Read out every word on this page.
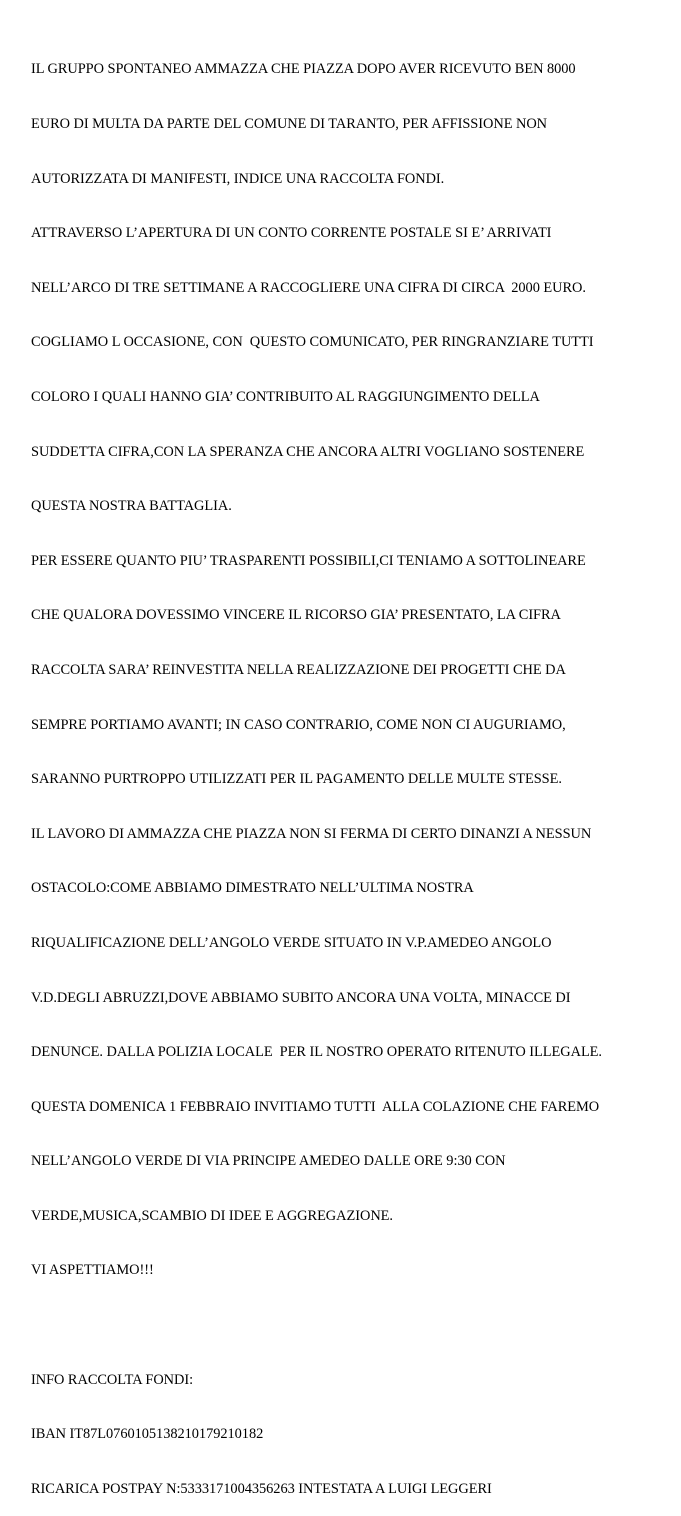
IL GRUPPO SPONTANEO AMMAZZA CHE PIAZZA DOPO AVER RICEVUTO BEN 8000

EURO DI MULTA DA PARTE DEL COMUNE DI TARANTO, PER AFFISSIONE NON

AUTORIZZATA DI MANIFESTI, INDICE UNA RACCOLTA FONDI.

ATTRAVERSO L’APERTURA DI UN CONTO CORRENTE POSTALE SI E’ ARRIVATI

NELL’ARCO DI TRE SETTIMANE A RACCOGLIERE UNA CIFRA DI CIRCA  2000 EURO.

COGLIAMO L OCCASIONE, CON  QUESTO COMUNICATO, PER RINGRANZIARE TUTTI

COLORO I QUALI HANNO GIA’ CONTRIBUITO AL RAGGIUNGIMENTO DELLA

SUDDETTA CIFRA,CON LA SPERANZA CHE ANCORA ALTRI VOGLIANO SOSTENERE

QUESTA NOSTRA BATTAGLIA.

PER ESSERE QUANTO PIU’ TRASPARENTI POSSIBILI,CI TENIAMO A SOTTOLINEARE

CHE QUALORA DOVESSIMO VINCERE IL RICORSO GIA’ PRESENTATO, LA CIFRA

RACCOLTA SARA’ REINVESTITA NELLA REALIZZAZIONE DEI PROGETTI CHE DA

SEMPRE PORTIAMO AVANTI; IN CASO CONTRARIO, COME NON CI AUGURIAMO,

SARANNO PURTROPPO UTILIZZATI PER IL PAGAMENTO DELLE MULTE STESSE.

IL LAVORO DI AMMAZZA CHE PIAZZA NON SI FERMA DI CERTO DINANZI A NESSUN

OSTACOLO:COME ABBIAMO DIMESTRATO NELL’ULTIMA NOSTRA

RIQUALIFICAZIONE DELL’ANGOLO VERDE SITUATO IN V.P.AMEDEO ANGOLO

V.D.DEGLI ABRUZZI,DOVE ABBIAMO SUBITO ANCORA UNA VOLTA, MINACCE DI

DENUNCE. DALLA POLIZIA LOCALE  PER IL NOSTRO OPERATO RITENUTO ILLEGALE.

QUESTA DOMENICA 1 FEBBRAIO INVITIAMO TUTTI  ALLA COLAZIONE CHE FAREMO

NELL’ANGOLO VERDE DI VIA PRINCIPE AMEDEO DALLE ORE 9:30 CON

VERDE,MUSICA,SCAMBIO DI IDEE E AGGREGAZIONE.

VI ASPETTIAMO!!!

INFO RACCOLTA FONDI:

IBAN IT87L0760105138210179210182

RICARICA POSTPAY N:5333171004356263 INTESTATA A LUIGI LEGGERI
